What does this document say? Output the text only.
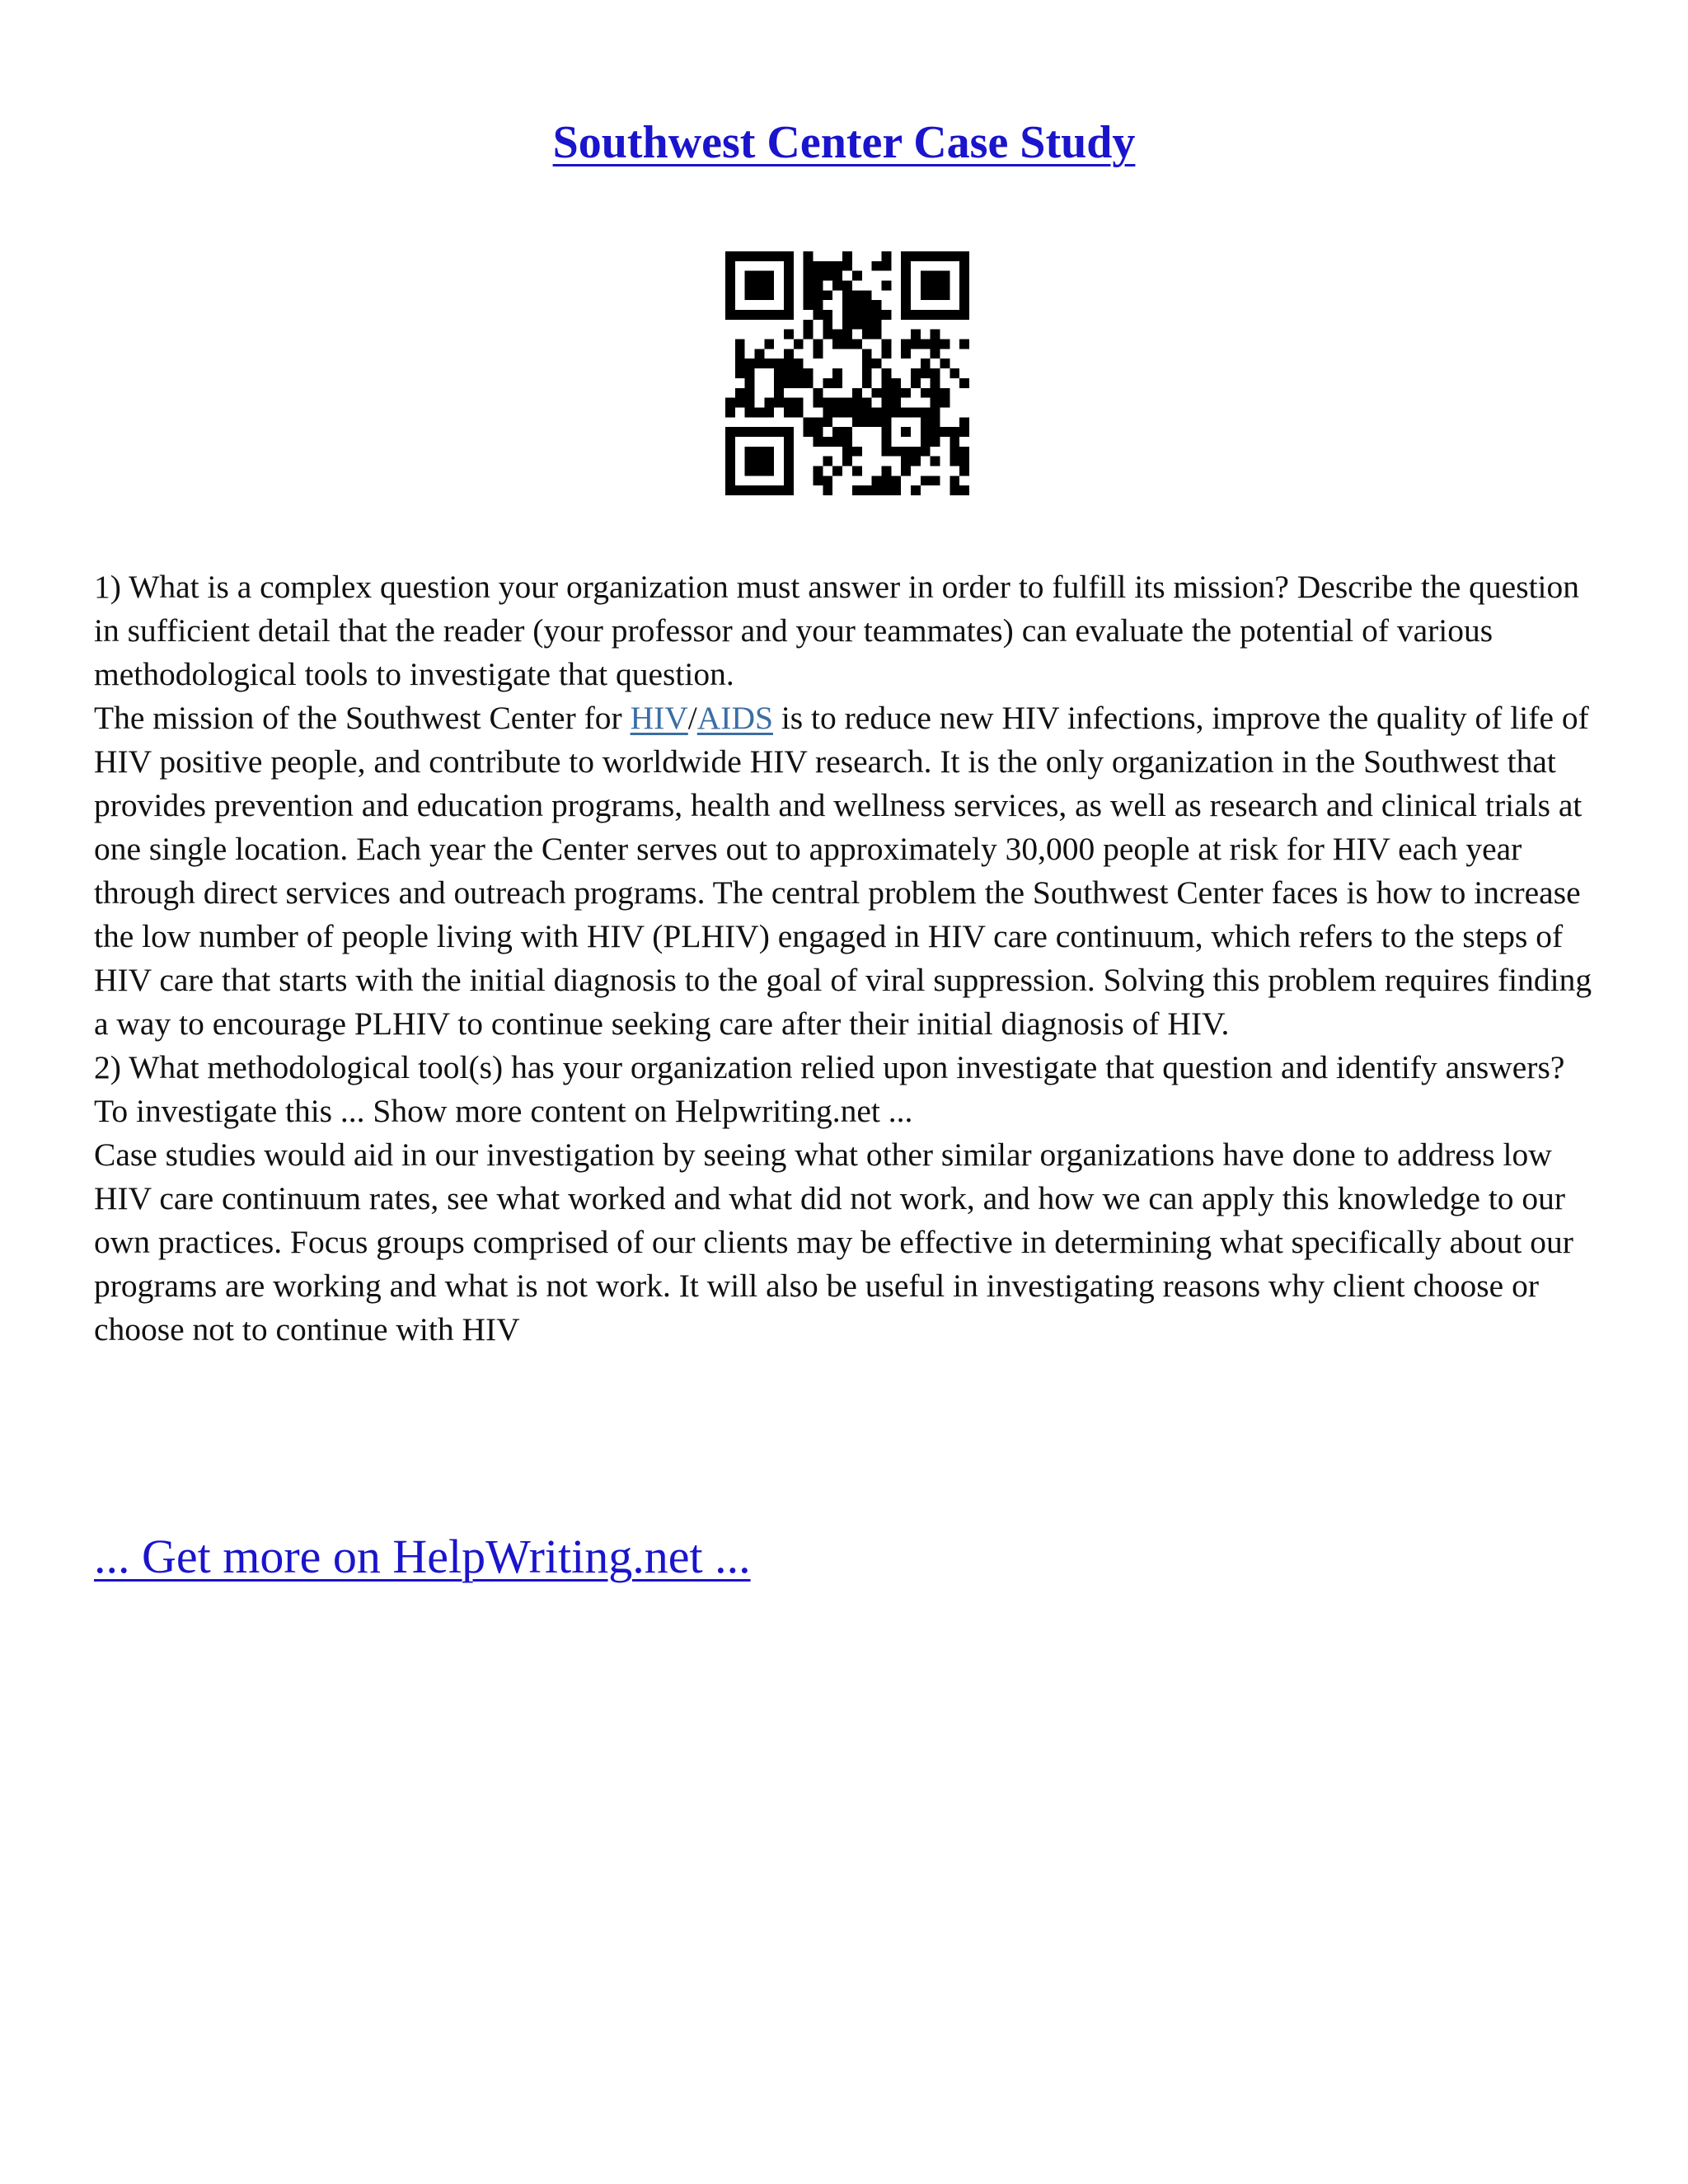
Southwest Center Case Study

1) What is a complex question your organization must answer in order to fulfill its mission? Describe the question in sufficient detail that the reader (your professor and your teammates) can evaluate the potential of various methodological tools to investigate that question.

The mission of the Southwest Center for HIV/AIDS is to reduce new HIV infections, improve the quality of life of HIV positive people, and contribute to worldwide HIV research. It is the only organization in the Southwest that provides prevention and education programs, health and wellness services, as well as research and clinical trials at one single location. Each year the Center serves out to approximately 30,000 people at risk for HIV each year through direct services and outreach programs. The central problem the Southwest Center faces is how to increase the low number of people living with HIV (PLHIV) engaged in HIV care continuum, which refers to the steps of HIV care that starts with the initial diagnosis to the goal of viral suppression. Solving this problem requires finding a way to encourage PLHIV to continue seeking care after their initial diagnosis of HIV.

2) What methodological tool(s) has your organization relied upon investigate that question and identify answers?

To investigate this ... Show more content on Helpwriting.net ...

Case studies would aid in our investigation by seeing what other similar organizations have done to address low HIV care continuum rates, see what worked and what did not work, and how we can apply this knowledge to our own practices. Focus groups comprised of our clients may be effective in determining what specifically about our programs are working and what is not work. It will also be useful in investigating reasons why client choose or choose not to continue with HIV

... Get more on HelpWriting.net ...
